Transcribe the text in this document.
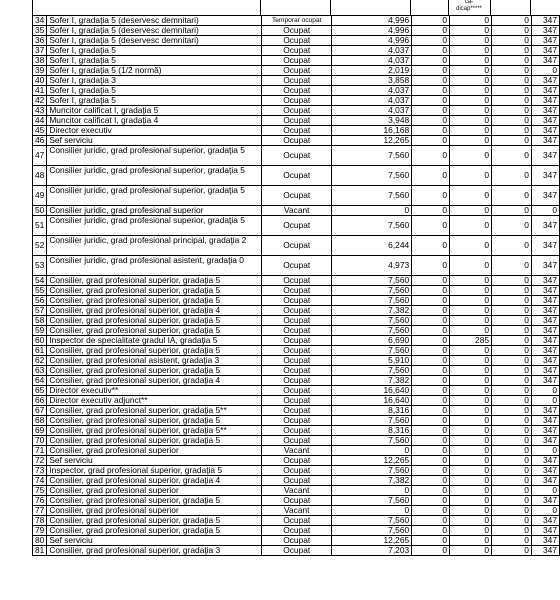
ca-
dicap*****
34	Sofer I, gradaţia 5 (deservesc demnitari)	Temporar ocupat	4,996	0	0	0	347
35	Sofer I, gradaţia 5 (deservesc demnitari)	Ocupat	4,996	0	0	0	347
36	Sofer I, gradaţia 5 (deservesc demnitari)	Ocupat	4,996	0	0	0	347
37	Sofer I, gradaţia 5	Ocupat	4,037	0	0	0	347
38	Sofer I, gradaţia 5	Ocupat	4,037	0	0	0	347
39	Sofer I, gradaţia 5 (1/2 normă)	Ocupat	2,019	0	0	0	0
40	Sofer I, gradaţia 3	Ocupat	3,858	0	0	0	347
41	Sofer I, gradaţia 5	Ocupat	4,037	0	0	0	347
42	Sofer I, gradaţia 5	Ocupat	4,037	0	0	0	347
43	Muncitor calificat I, gradaţia 5	Ocupat	4,037	0	0	0	347
44	Muncitor calificat I, gradaţia 4	Ocupat	3,948	0	0	0	347
45	Director executiv	Ocupat	16,168	0	0	0	347
46	Sef serviciu	Ocupat	12,265	0	0	0	347
47	Consilier juridic, grad profesional superior, gradaţia 5	Ocupat	7,560	0	0	0	347
48	Consilier juridic, grad profesional superior, gradaţia 5	Ocupat	7,560	0	0	0	347
49	Consilier juridic, grad profesional superior, gradaţia 5	Ocupat	7,560	0	0	0	347
50	Consilier juridic, grad profesional superior	Vacant	0	0	0	0	0
51	Consilier juridic, grad profesional superior, gradaţia 5	Ocupat	7,560	0	0	0	347
52	Consilier juridic, grad profesional principal, gradaţia 2	Ocupat	6,244	0	0	0	347
53	Consilier juridic, grad profesional asistent, gradaţia 0	Ocupat	4,973	0	0	0	347
54	Consilier, grad profesional superior, gradaţia 5	Ocupat	7,560	0	0	0	347
55	Consilier, grad profesional superior, gradaţia 5	Ocupat	7,560	0	0	0	347
56	Consilier, grad profesional superior, gradaţia 5	Ocupat	7,560	0	0	0	347
57	Consilier, grad profesional superior, gradaţia 4	Ocupat	7,382	0	0	0	347
58	Consilier, grad profesional superior, gradaţia 5	Ocupat	7,560	0	0	0	347
59	Consilier, grad profesional superior, gradaţia 5	Ocupat	7,560	0	0	0	347
60	Inspector de specialitate gradul IA, gradaţia 5	Ocupat	6,690	0	285	0	347
61	Consilier, grad profesional superior, gradaţia 5	Ocupat	7,560	0	0	0	347
62	Consilier, grad profesional asistent, gradaţia 3	Ocupat	5,910	0	0	0	347
63	Consilier, grad profesional superior, gradaţia 5	Ocupat	7,560	0	0	0	347
64	Consilier, grad profesional superior, gradaţia 4	Ocupat	7,382	0	0	0	347
65	Director executiv**	Ocupat	16,640	0	0	0	0
66	Director executiv adjunct**	Ocupat	16,640	0	0	0	0
67	Consilier, grad profesional superior, gradaţia 5**	Ocupat	8,316	0	0	0	347
68	Consilier, grad profesional superior, gradaţia 5	Ocupat	7,560	0	0	0	347
69	Consilier, grad profesional superior, gradaţia 5**	Ocupat	8,316	0	0	0	347
70	Consilier, grad profesional superior, gradaţia 5	Ocupat	7,560	0	0	0	347
71	Consilier, grad profesional superior	Vacant	0	0	0	0	0
72	Sef serviciu	Ocupat	12,265	0	0	0	347
73	Inspector, grad profesional superior, gradaţia 5	Ocupat	7,560	0	0	0	347
74	Consilier, grad profesional superior, gradaţia 4	Ocupat	7,382	0	0	0	347
75	Consilier, grad profesional superior	Vacant	0	0	0	0	0
76	Consilier, grad profesional superior, gradaţia 5	Ocupat	7,560	0	0	0	347
77	Consilier, grad profesional superior	Vacant	0	0	0	0	0
78	Consilier, grad profesional superior, gradaţia 5	Ocupat	7,560	0	0	0	347
79	Consilier, grad profesional superior, gradaţia 5	Ocupat	7,560	0	0	0	347
80	Sef serviciu	Ocupat	12,265	0	0	0	347
81	Consilier, grad profesional superior, gradaţia 3	Ocupat	7,203	0	0	0	347
